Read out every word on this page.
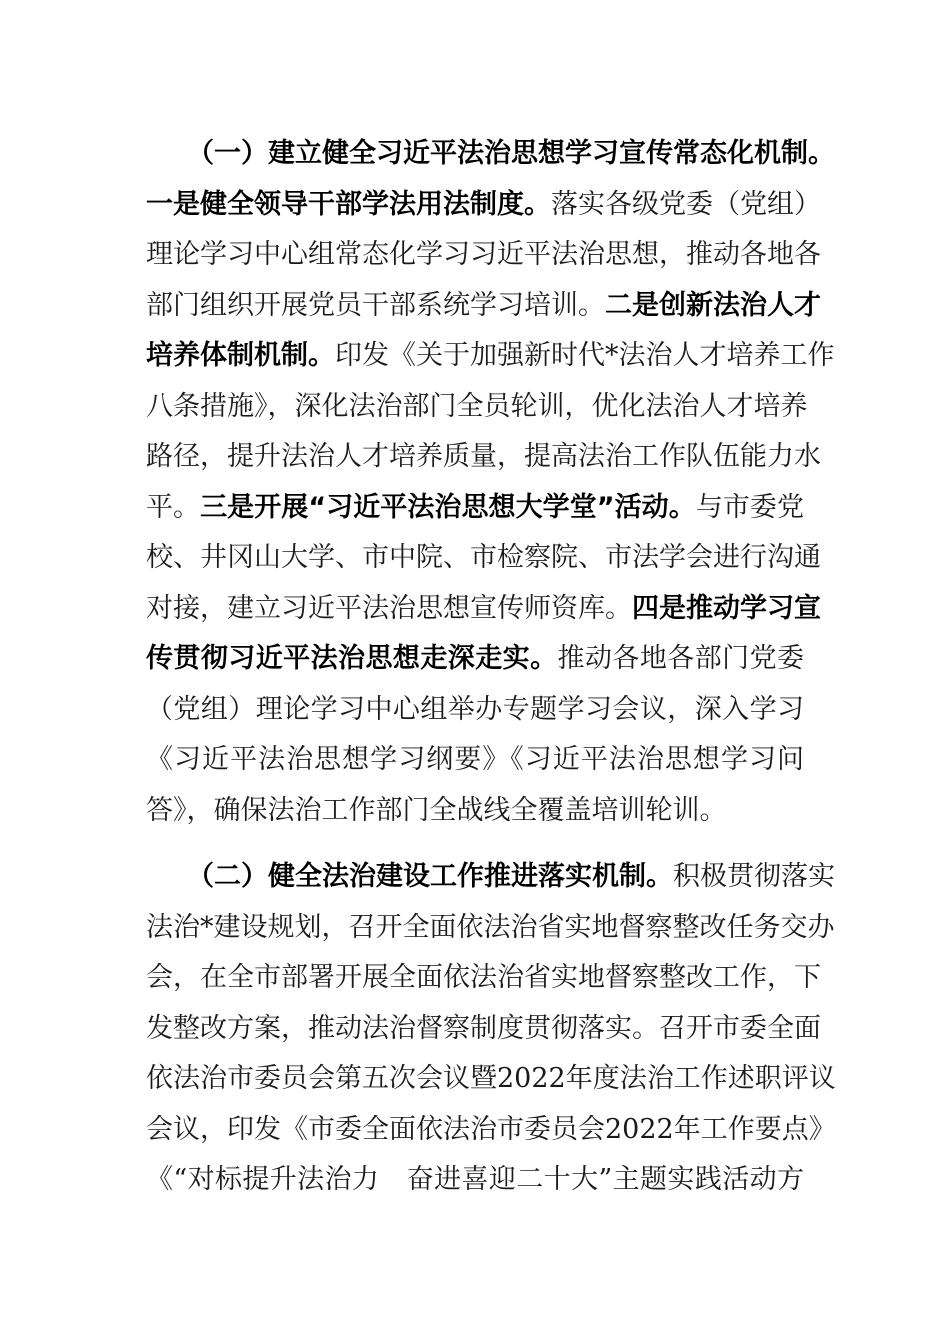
（一）建立健全习近平法治思想学习宣传常态化机制。
一是健全领导干部学法用法制度。落实各级党委（党组）
理论学习中心组常态化学习习近平法治思想，推动各地各
部门组织开展党员干部系统学习培训。二是创新法治人才
培养体制机制。印发《关于加强新时代*法治人才培养工作
八条措施》，深化法治部门全员轮训，优化法治人才培养
路径，提升法治人才培养质量，提高法治工作队伍能力水
平。三是开展“习近平法治思想大学堂”活动。与市委党
校、井冈山大学、市中院、市检察院、市法学会进行沟通
对接，建立习近平法治思想宣传师资库。四是推动学习宣
传贯彻习近平法治思想走深走实。推动各地各部门党委
（党组）理论学习中心组举办专题学习会议，深入学习
《习近平法治思想学习纲要》《习近平法治思想学习问
答》，确保法治工作部门全战线全覆盖培训轮训。
（二）健全法治建设工作推进落实机制。积极贯彻落实
法治*建设规划，召开全面依法治省实地督察整改任务交办
会，在全市部署开展全面依法治省实地督察整改工作，下
发整改方案，推动法治督察制度贯彻落实。召开市委全面
依法治市委员会第五次会议暨2022年度法治工作述职评议
会议，印发《市委全面依法治市委员会2022年工作要点》
《“对标提升法治力　奋进喜迎二十大”主题实践活动方
